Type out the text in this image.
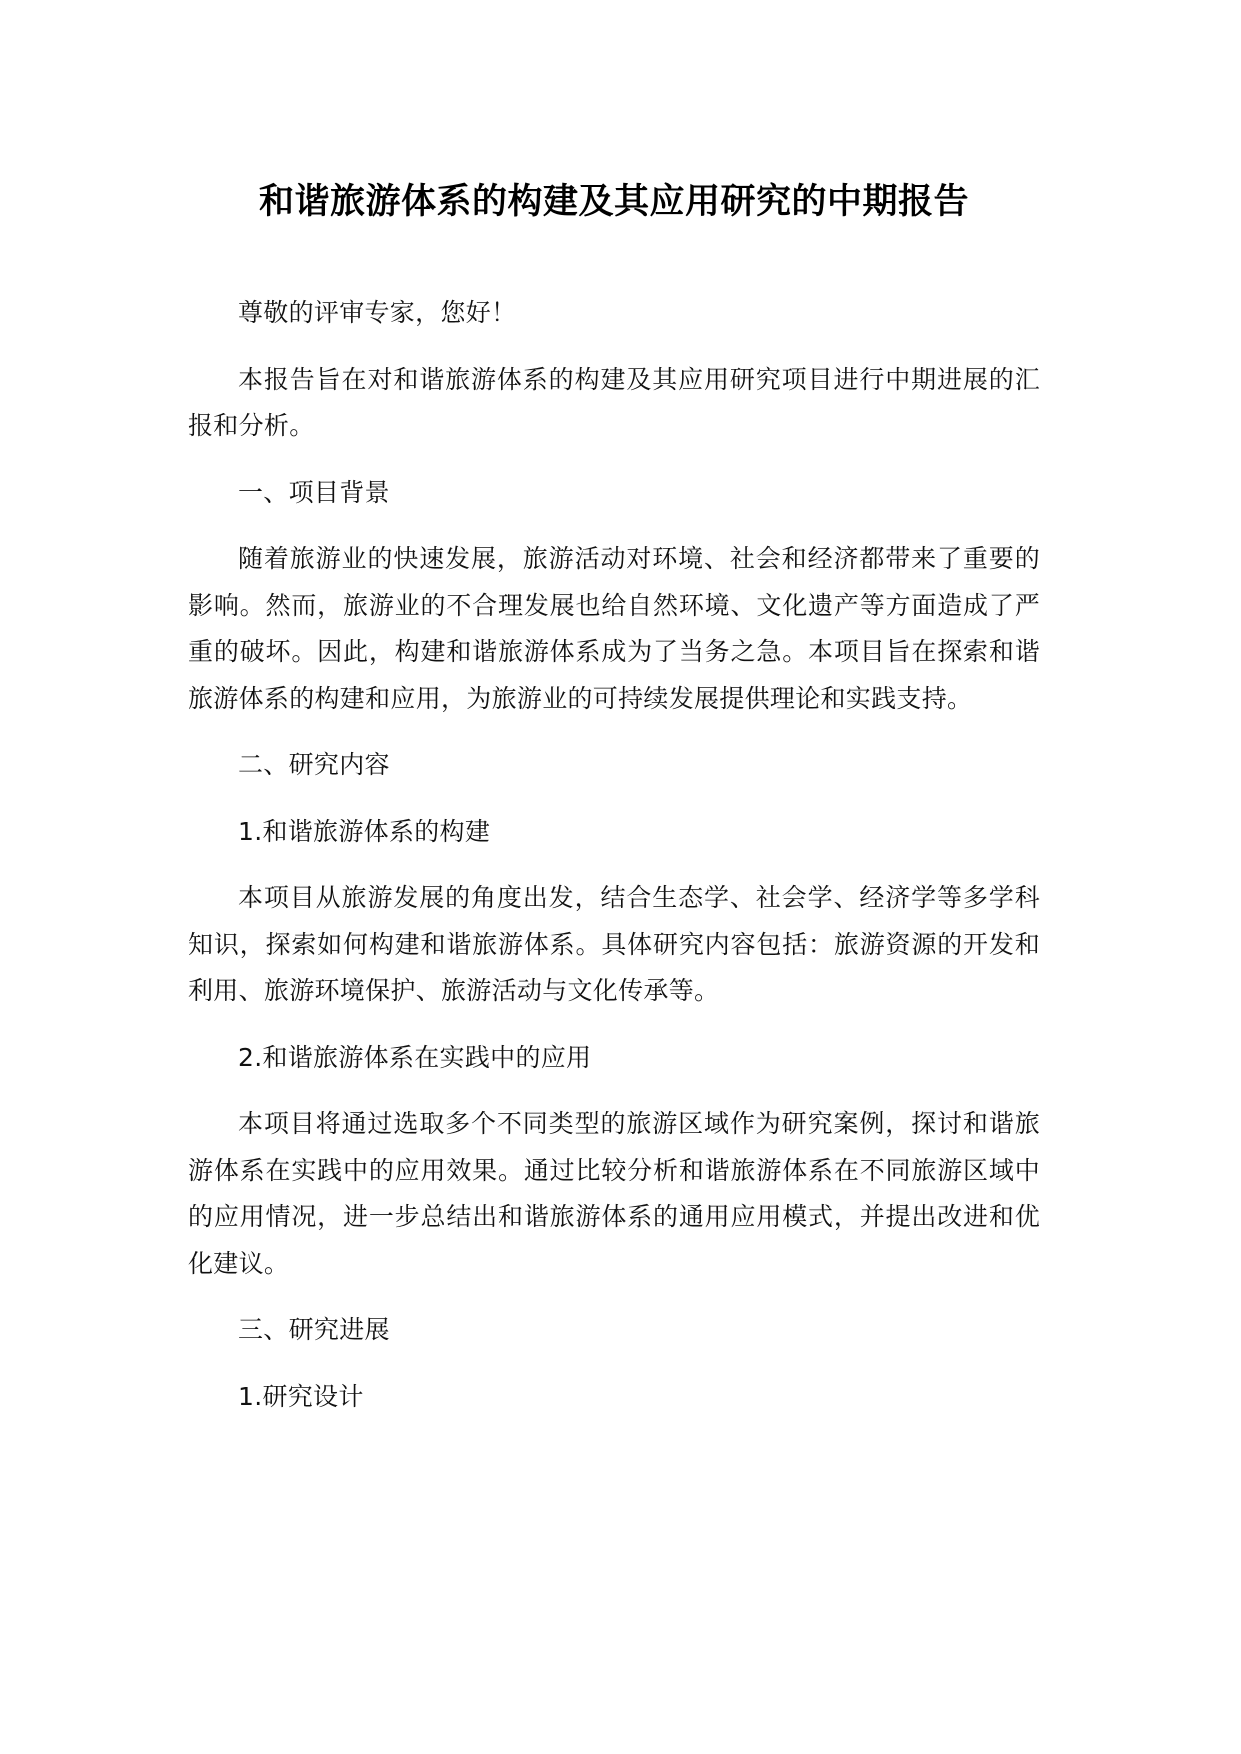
和谐旅游体系的构建及其应用研究的中期报告

尊敬的评审专家，您好！

本报告旨在对和谐旅游体系的构建及其应用研究项目进行中期进展的汇报和分析。

一、项目背景

随着旅游业的快速发展，旅游活动对环境、社会和经济都带来了重要的影响。然而，旅游业的不合理发展也给自然环境、文化遗产等方面造成了严重的破坏。因此，构建和谐旅游体系成为了当务之急。本项目旨在探索和谐旅游体系的构建和应用，为旅游业的可持续发展提供理论和实践支持。

二、研究内容

1.和谐旅游体系的构建

本项目从旅游发展的角度出发，结合生态学、社会学、经济学等多学科知识，探索如何构建和谐旅游体系。具体研究内容包括：旅游资源的开发和利用、旅游环境保护、旅游活动与文化传承等。

2.和谐旅游体系在实践中的应用

本项目将通过选取多个不同类型的旅游区域作为研究案例，探讨和谐旅游体系在实践中的应用效果。通过比较分析和谐旅游体系在不同旅游区域中的应用情况，进一步总结出和谐旅游体系的通用应用模式，并提出改进和优化建议。

三、研究进展

1.研究设计
